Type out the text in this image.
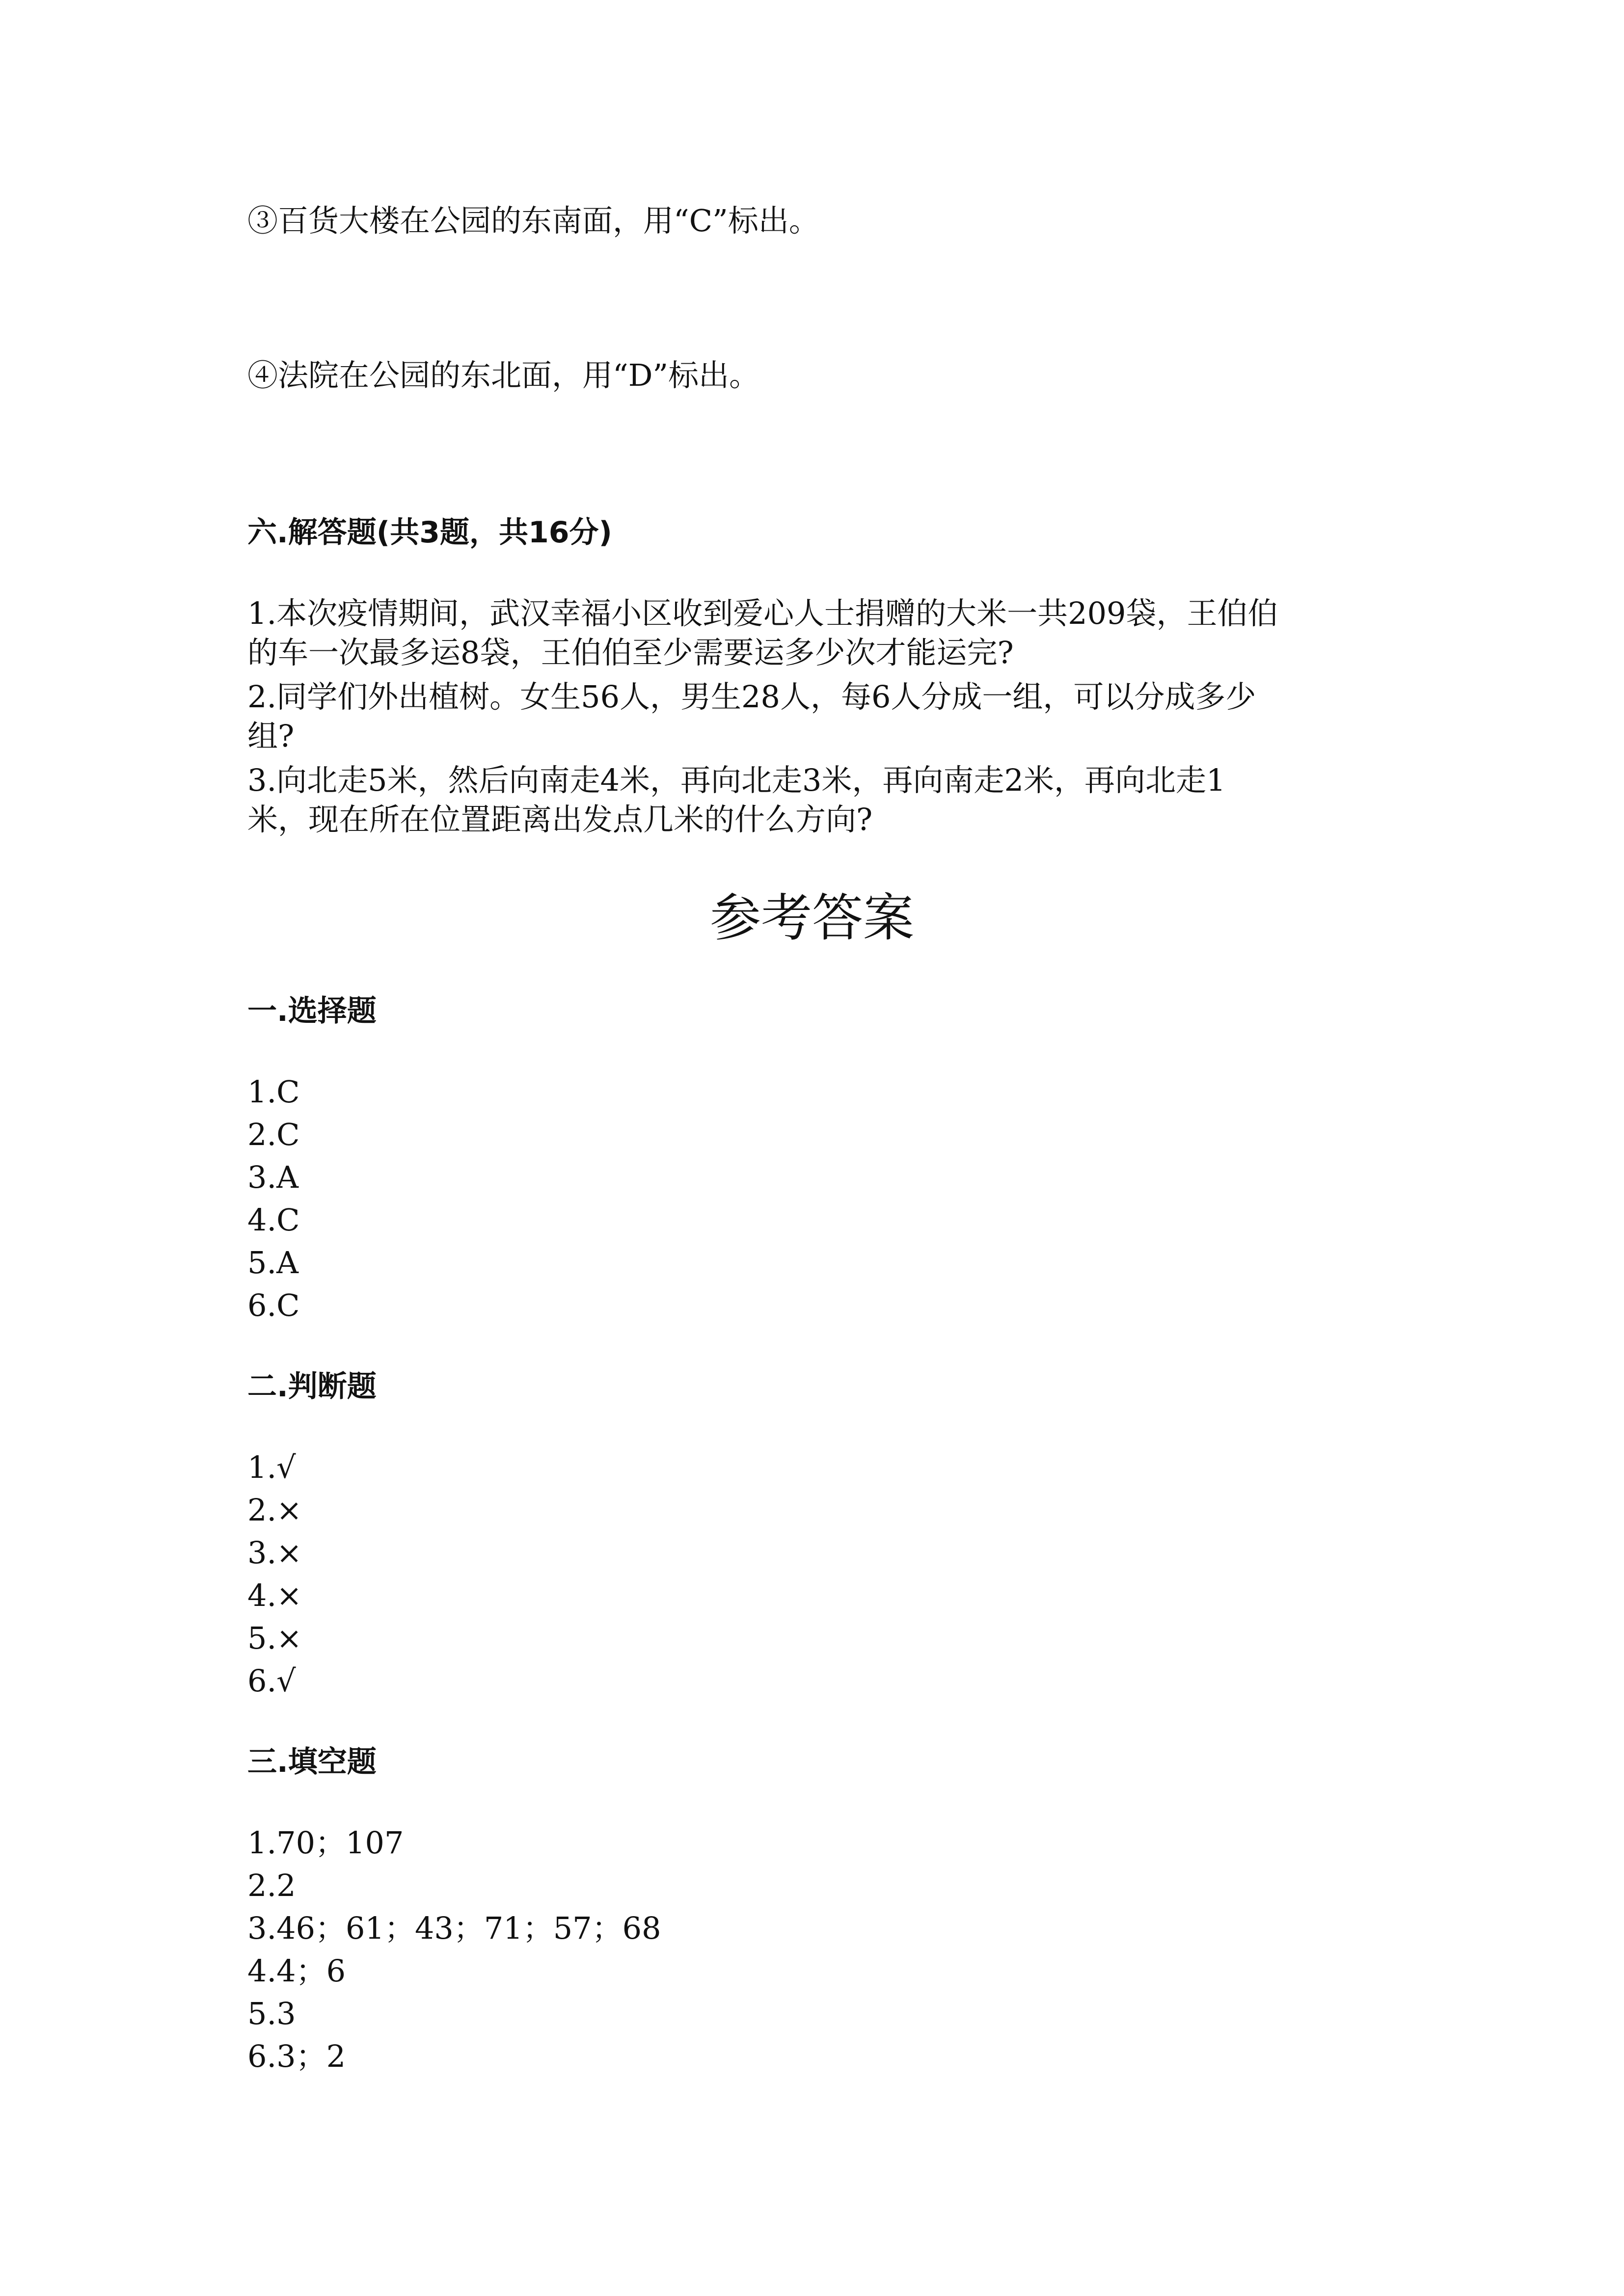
③百货大楼在公园的东南面，用“C”标出。
④法院在公园的东北面，用“D”标出。
六.解答题(共3题，共16分)
1.本次疫情期间，武汉幸福小区收到爱心人士捐赠的大米一共209袋，王伯伯
的车一次最多运8袋，王伯伯至少需要运多少次才能运完?
2.同学们外出植树。女生56人，男生28人，每6人分成一组，可以分成多少
组?
3.向北走5米，然后向南走4米，再向北走3米，再向南走2米，再向北走1
米，现在所在位置距离出发点几米的什么方向?
参考答案
一.选择题
1.C
2.C
3.A
4.C
5.A
6.C
二.判断题
1.√
2.×
3.×
4.×
5.×
6.√
三.填空题
1.70；107
2.2
3.46；61；43；71；57；68
4.4；6
5.3
6.3；2
